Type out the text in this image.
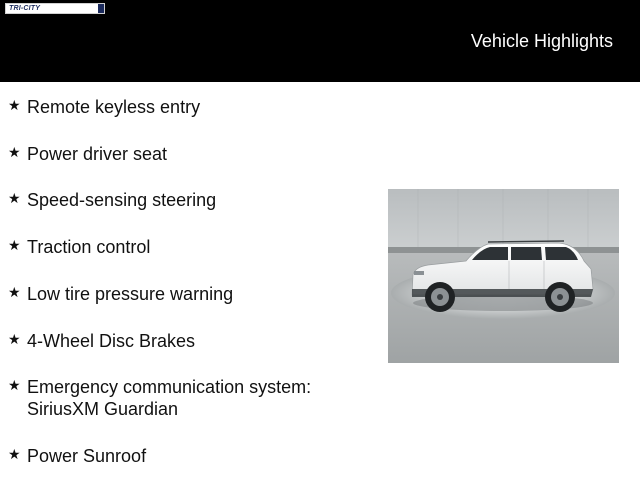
TRI-CITY
Vehicle Highlights
★ Remote keyless entry
★ Power driver seat
★ Speed-sensing steering
★ Traction control
★ Low tire pressure warning
★ 4-Wheel Disc Brakes
★ Emergency communication system: SiriusXM Guardian
★ Power Sunroof
